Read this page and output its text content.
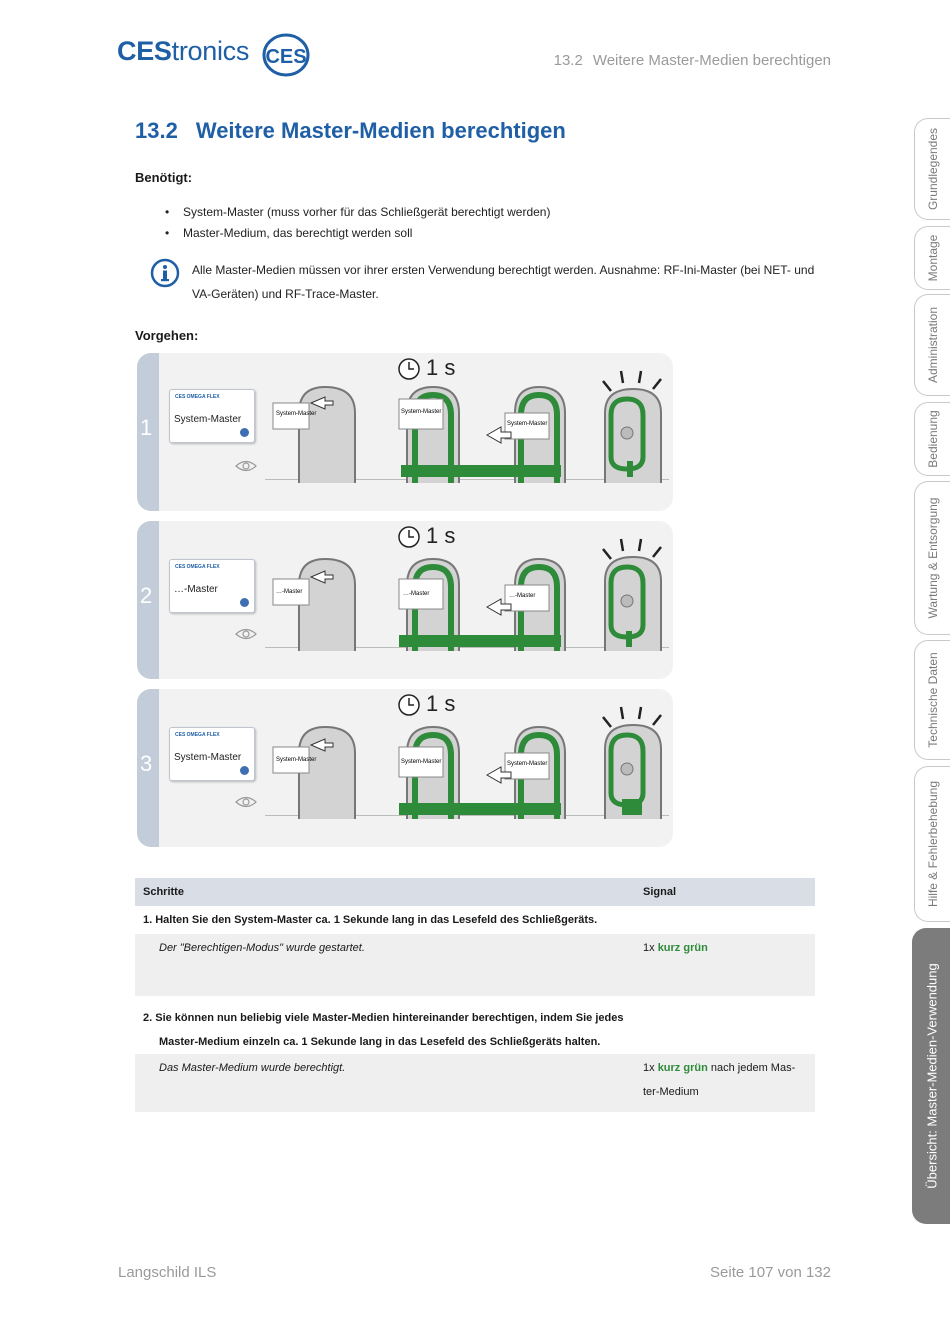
CEStronics CES	13.2 Weitere Master-Medien berechtigen
Grundlegendes
Montage
Administration
Bedienung
Wartung & Entsorgung
Technische Daten
Hilfe & Fehlerbehebung
Übersicht: Master-Medien-Verwendung
13.2 Weitere Master-Medien berechtigen
Benötigt:
• System-Master (muss vorher für das Schließgerät berechtigt werden)
• Master-Medium, das berechtigt werden soll
Alle Master-Medien müssen vor ihrer ersten Verwendung berechtigt werden. Ausnahme: RF-Ini-Master (bei NET- und VA-Geräten) und RF-Trace-Master.
Vorgehen:
1
1 s
CES OMEGA FLEX
System-Master	System-Master	System-Master
System-Master
2
1 s
CES OMEGA FLEX
…-Master	…-Master	…-Master	…-Master
3
1 s
CES OMEGA FLEX
System-Master	System-Master	System-Master	System-Master
Schritte	Signal
1. Halten Sie den System-Master ca. 1 Sekunde lang in das Lesefeld des Schließgeräts.
Der "Berechtigen-Modus" wurde gestartet.	1x kurz grün
2. Sie können nun beliebig viele Master-Medien hintereinander berechtigen, indem Sie jedes
Master-Medium einzeln ca. 1 Sekunde lang in das Lesefeld des Schließgeräts halten.
Das Master-Medium wurde berechtigt.	1x kurz grün nach jedem Mas-
ter-Medium
Langschild ILS	Seite 107 von 132
